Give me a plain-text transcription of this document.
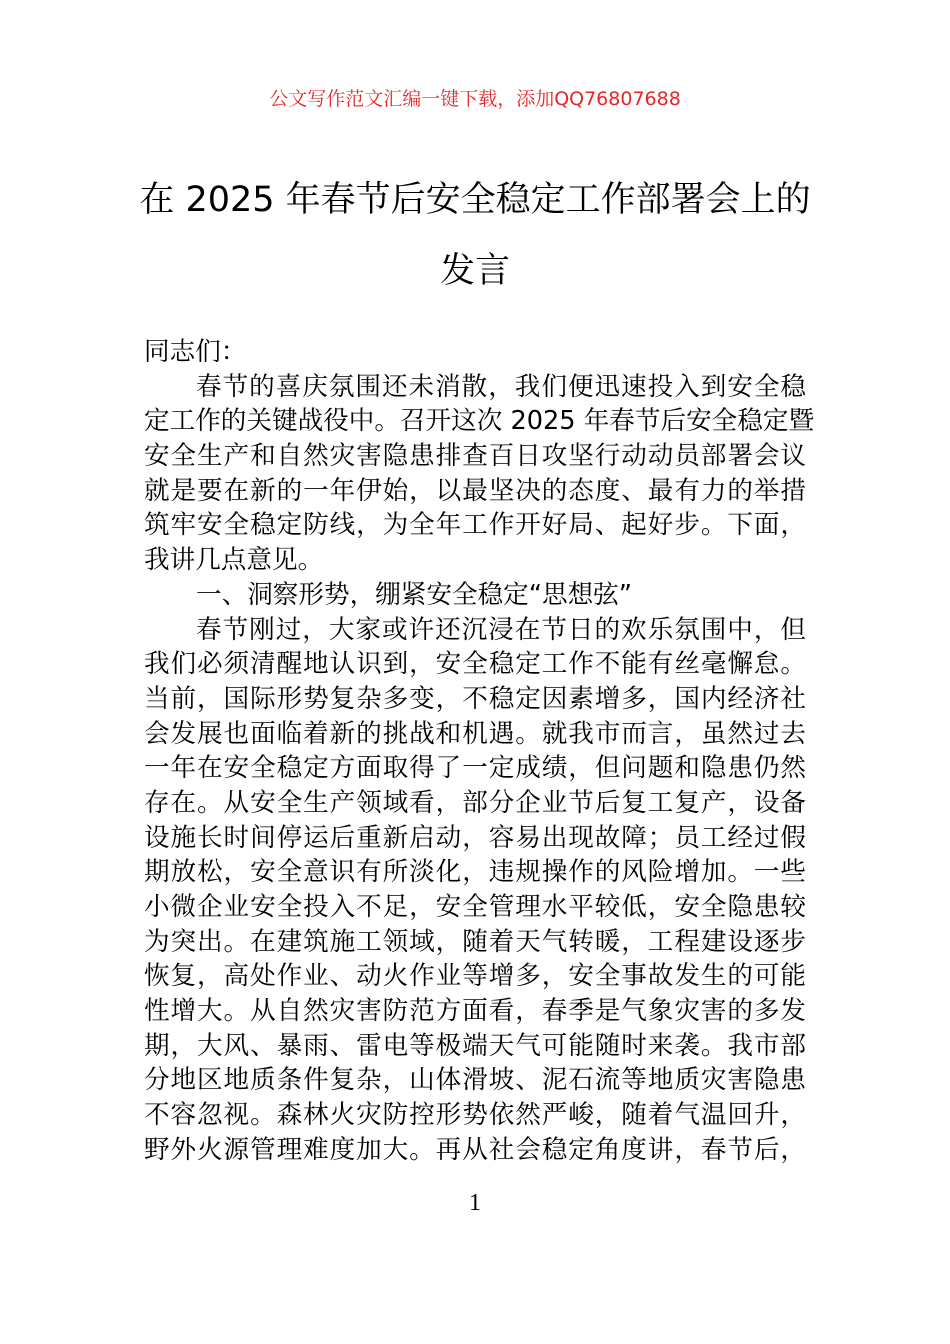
公文写作范文汇编一键下载，添加QQ76807688
在 2025 年春节后安全稳定工作部署会上的
发言
同志们：
春节的喜庆氛围还未消散，我们便迅速投入到安全稳
定工作的关键战役中。召开这次 2025 年春节后安全稳定暨
安全生产和自然灾害隐患排查百日攻坚行动动员部署会议
就是要在新的一年伊始，以最坚决的态度、最有力的举措
筑牢安全稳定防线，为全年工作开好局、起好步。下面，
我讲几点意见。
一、洞察形势，绷紧安全稳定“思想弦”
春节刚过，大家或许还沉浸在节日的欢乐氛围中，但
我们必须清醒地认识到，安全稳定工作不能有丝毫懈怠。
当前，国际形势复杂多变，不稳定因素增多，国内经济社
会发展也面临着新的挑战和机遇。就我市而言，虽然过去
一年在安全稳定方面取得了一定成绩，但问题和隐患仍然
存在。从安全生产领域看，部分企业节后复工复产，设备
设施长时间停运后重新启动，容易出现故障；员工经过假
期放松，安全意识有所淡化，违规操作的风险增加。一些
小微企业安全投入不足，安全管理水平较低，安全隐患较
为突出。在建筑施工领域，随着天气转暖，工程建设逐步
恢复，高处作业、动火作业等增多，安全事故发生的可能
性增大。从自然灾害防范方面看，春季是气象灾害的多发
期，大风、暴雨、雷电等极端天气可能随时来袭。我市部
分地区地质条件复杂，山体滑坡、泥石流等地质灾害隐患
不容忽视。森林火灾防控形势依然严峻，随着气温回升，
野外火源管理难度加大。再从社会稳定角度讲，春节后，
1
